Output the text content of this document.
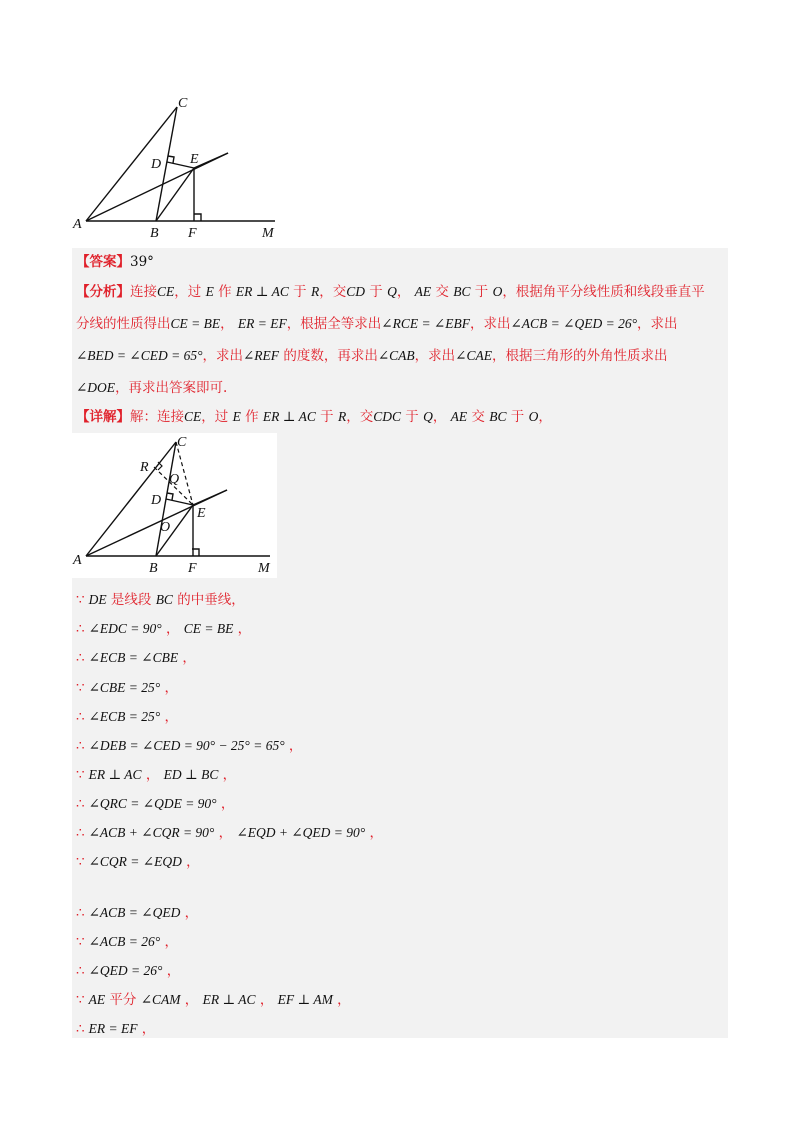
C
D E
A
B F	M
【答案】39°
【分析】连接CE，过 E 作 ER ⊥ AC 于 R，交CD 于 Q， AE 交 BC 于 O，根据角平分线性质和线段垂直平
分线的性质得出CE = BE， ER = EF，根据全等求出∠RCE = ∠EBF，求出∠ACB = ∠QED = 26°，求出
∠BED = ∠CED = 65°，求出∠REF 的度数，再求出∠CAB，求出∠CAE，根据三角形的外角性质求出
∠DOE，再求出答案即可.
【详解】解：连接CE，过 E 作 ER ⊥ AC 于 R，交CDC 于 Q， AE 交 BC 于 O，
C
R
Q
D
E
O
A
B F	M
∵ DE 是线段 BC 的中垂线，
∴ ∠EDC = 90° ， CE = BE ，
∴ ∠ECB = ∠CBE ，
∵ ∠CBE = 25° ，
∴ ∠ECB = 25° ，
∴ ∠DEB = ∠CED = 90° − 25° = 65° ，
∵ ER ⊥ AC ， ED ⊥ BC ，
∴ ∠QRC = ∠QDE = 90° ，
∴ ∠ACB + ∠CQR = 90° ， ∠EQD + ∠QED = 90° ，
∵ ∠CQR = ∠EQD ，
∴ ∠ACB = ∠QED ，
∵ ∠ACB = 26° ，
∴ ∠QED = 26° ，
∵ AE 平分 ∠CAM ， ER ⊥ AC ， EF ⊥ AM ，
∴ ER = EF ，
